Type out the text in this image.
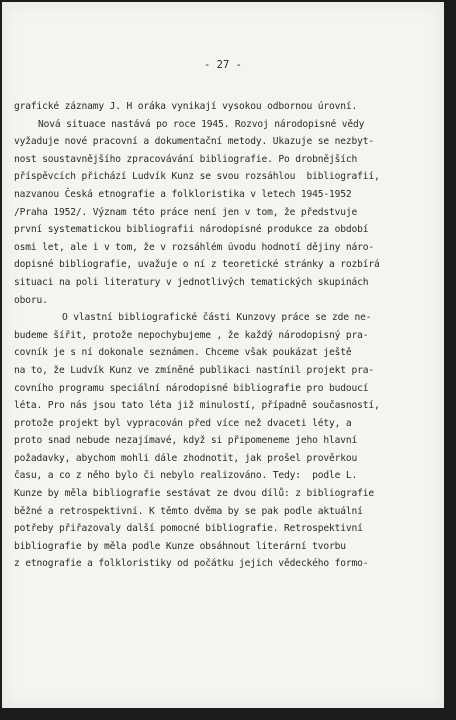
- 27 -
grafické záznamy J. H oráka vynikají vysokou odbornou úrovní.
Nová situace nastává po roce 1945. Rozvoj národopisné vědy
vyžaduje nové pracovní a dokumentační metody. Ukazuje se nezbyt-
nost soustavnějšího zpracovávání bibliografie. Po drobnějších
příspěvcích přichází Ludvík Kunz se svou rozsáhlou  bibliografií,
nazvanou Česká etnografie a folkloristika v letech 1945-1952
/Praha 1952/. Význam této práce není jen v tom, že předstvuje
první systematickou bibliografii národopisné produkce za období
osmi let, ale i v tom, že v rozsáhlém úvodu hodnotí dějiny náro-
dopisné bibliografie, uvažuje o ní z teoretické stránky a rozbírá
situaci na poli literatury v jednotlivých tematických skupinách
oboru.
O vlastní bibliografické části Kunzovy práce se zde ne-
budeme šířit, protože nepochybujeme , že každý národopisný pra-
covník je s ní dokonale seznámen. Chceme však poukázat ještě
na to, že Ludvík Kunz ve zmíněné publikaci nastínil projekt pra-
covního programu speciální národopisné bibliografie pro budoucí
léta. Pro nás jsou tato léta již minulostí, případně současností,
protože projekt byl vypracován před více než dvaceti léty, a
proto snad nebude nezajímavé, když si připomeneme jeho hlavní
požadavky, abychom mohli dále zhodnotit, jak prošel prověrkou
času, a co z něho bylo či nebylo realizováno. Tedy:  podle L.
Kunze by měla bibliografie sestávat ze dvou dílů: z bibliografie
běžné a retrospektivní. K těmto dvěma by se pak podle aktuální
potřeby přiřazovaly další pomocné bibliografie. Retrospektivní
bibliografie by měla podle Kunze obsáhnout literární tvorbu
z etnografie a folkloristiky od počátku jejich vědeckého formo-
